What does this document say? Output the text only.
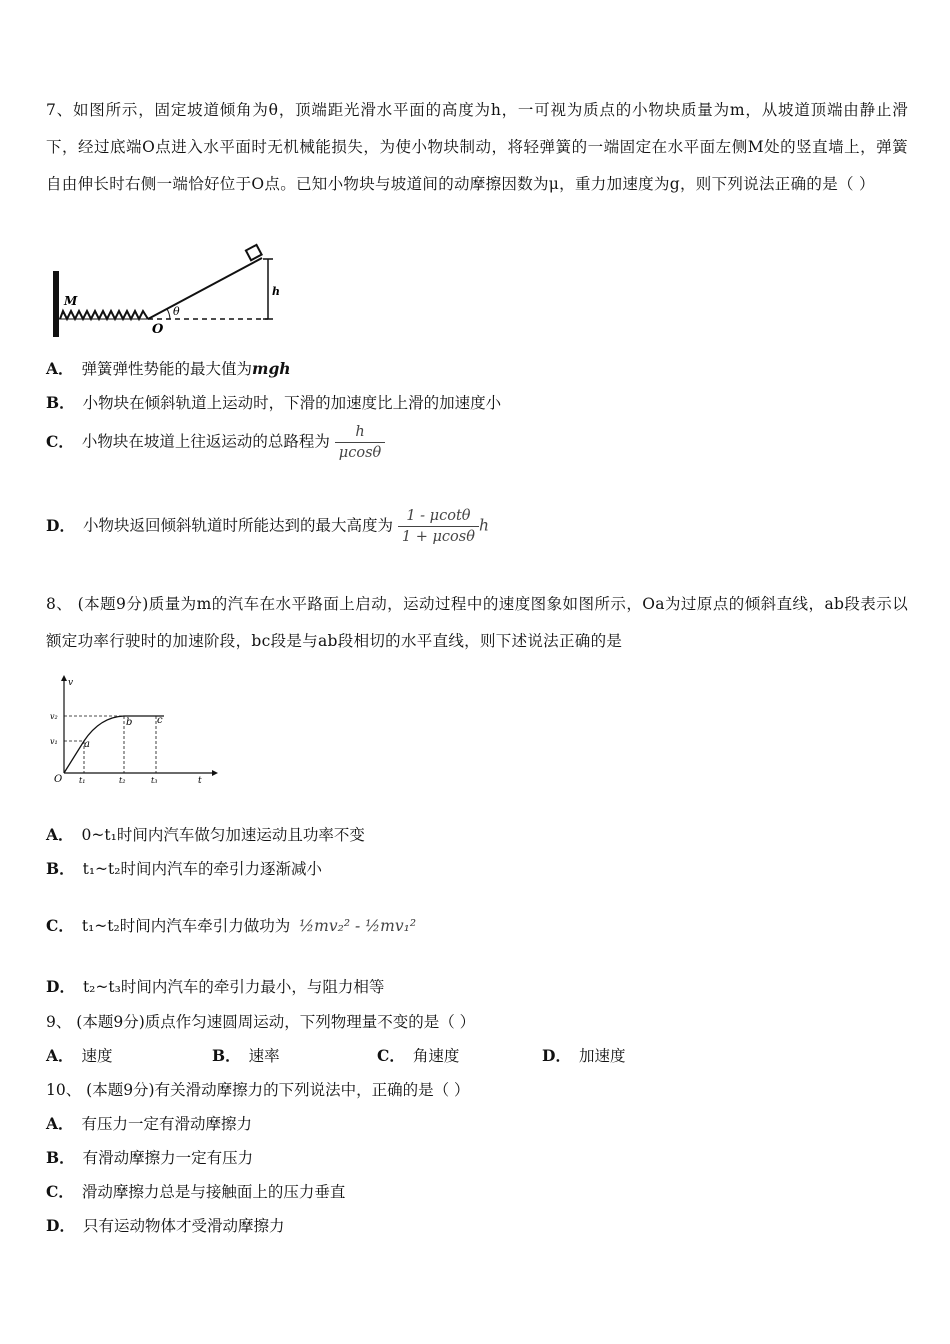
7、如图所示，固定坡道倾角为θ，顶端距光滑水平面的高度为h，一可视为质点的小物块质量为m，从坡道顶端由静止滑下，经过底端O点进入水平面时无机械能损失，为使小物块制动，将轻弹簧的一端固定在水平面左侧M处的竖直墙上，弹簧自由伸长时右侧一端恰好位于O点。已知小物块与坡道间的动摩擦因数为μ，重力加速度为g，则下列说法正确的是（ ）
M
O
θ
h
A． 弹簧弹性势能的最大值为mgh
B． 小物块在倾斜轨道上运动时，下滑的加速度比上滑的加速度小
C． 小物块在坡道上往返运动的总路程为 $\frac{h}{\mu\cos\theta}$
D． 小物块返回倾斜轨道时所能达到的最大高度为 $\frac{1 - \mu\cot\theta}{1 + \mu\cos\theta}$ h
8、 (本题9分)质量为m的汽车在水平路面上启动，运动过程中的速度图象如图所示，Oa为过原点的倾斜直线，ab段表示以额定功率行驶时的加速阶段，bc段是与ab段相切的水平直线，则下述说法正确的是
v
t
O
v₂
v₁
t₁	t₂	t₃
a
b c
A． 0~t₁时间内汽车做匀加速运动且功率不变
B． t₁~t₂时间内汽车的牵引力逐渐减小
C． t₁~t₂时间内汽车牵引力做功为 ½mv₂² - ½mv₁²
D． t₂~t₃时间内汽车的牵引力最小，与阻力相等
9、 (本题9分)质点作匀速圆周运动，下列物理量不变的是（ ）
A． 速度	B． 速率	C． 角速度	D． 加速度
10、 (本题9分)有关滑动摩擦力的下列说法中，正确的是（ ）
A． 有压力一定有滑动摩擦力
B． 有滑动摩擦力一定有压力
C． 滑动摩擦力总是与接触面上的压力垂直
D． 只有运动物体才受滑动摩擦力
